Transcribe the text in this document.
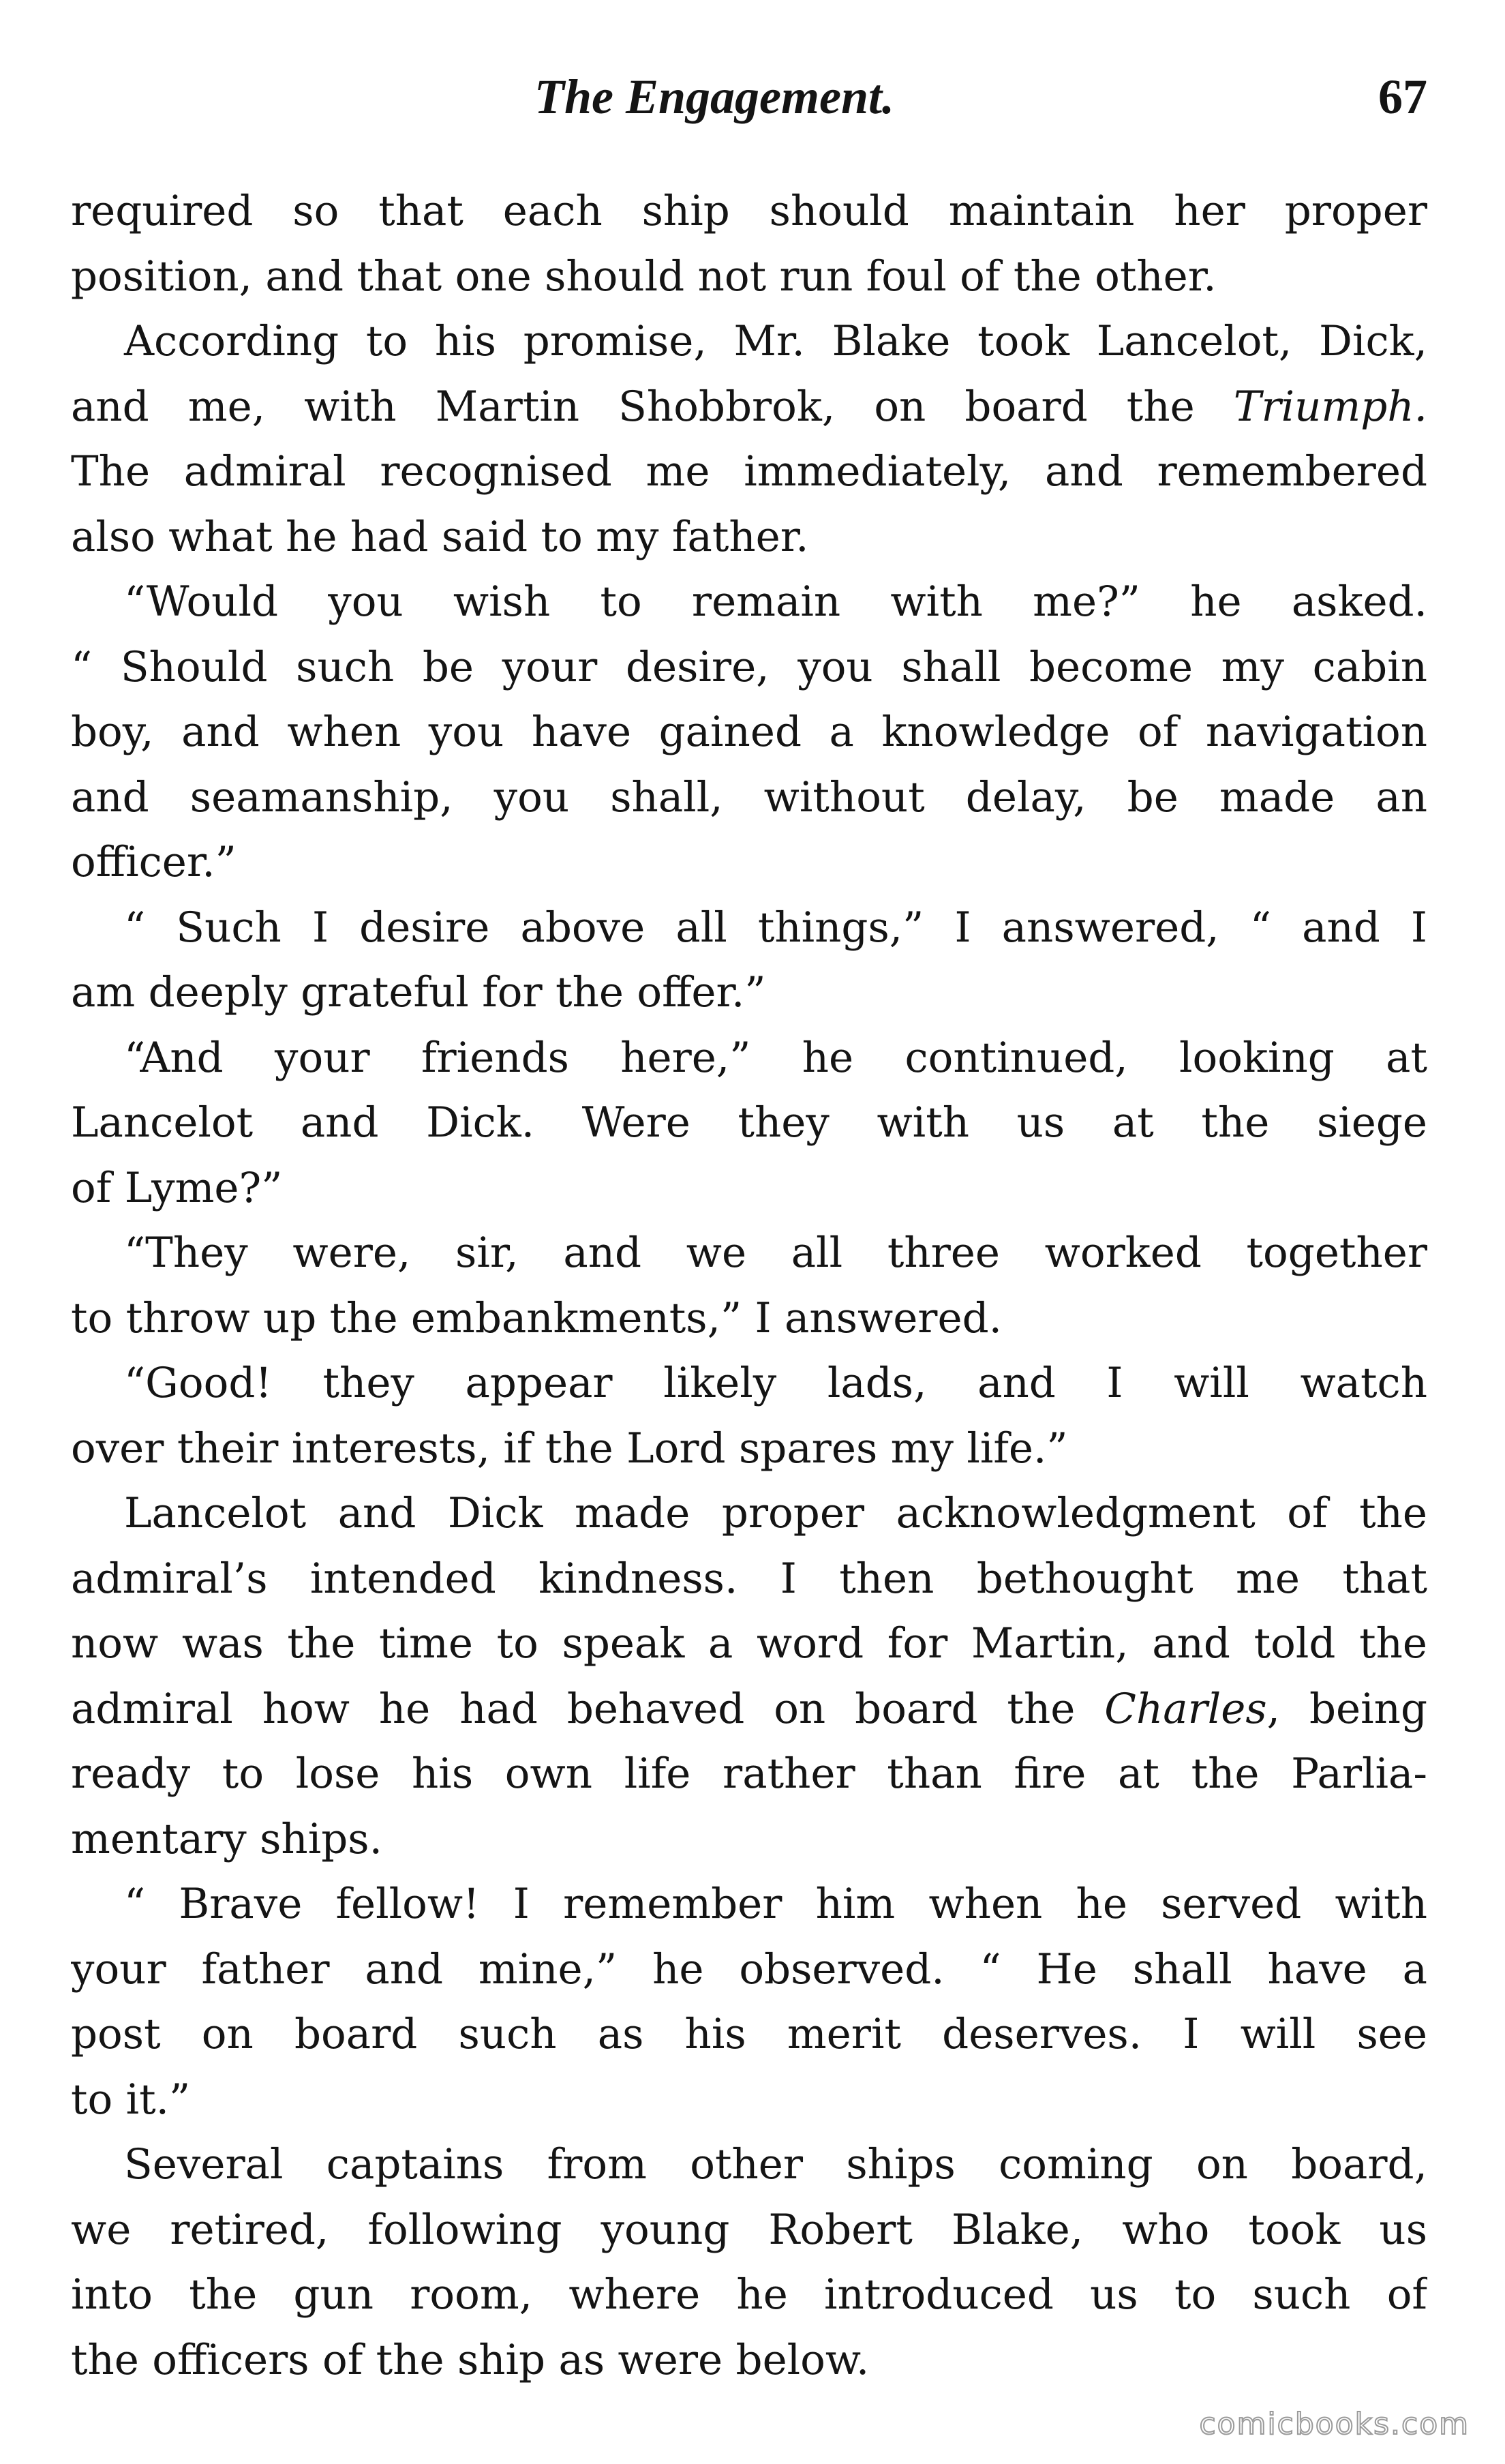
The Engagement.	67
required so that each ship should maintain her proper
position, and that one should not run foul of the other.
According to his promise, Mr. Blake took Lancelot, Dick,
and me, with Martin Shobbrok, on board the Triumph.
The admiral recognised me immediately, and remembered
also what he had said to my father.
“Would you wish to remain with me?” he asked.
“ Should such be your desire, you shall become my cabin
boy, and when you have gained a knowledge of navigation
and seamanship, you shall, without delay, be made an
officer.”
“ Such I desire above all things,” I answered, “ and I
am deeply grateful for the offer.”
“And your friends here,” he continued, looking at
Lancelot and Dick. Were they with us at the siege
of Lyme?”
“They were, sir, and we all three worked together
to throw up the embankments,” I answered.
“Good! they appear likely lads, and I will watch
over their interests, if the Lord spares my life.”
Lancelot and Dick made proper acknowledgment of the
admiral’s intended kindness. I then bethought me that
now was the time to speak a word for Martin, and told the
admiral how he had behaved on board the Charles, being
ready to lose his own life rather than fire at the Parlia-
mentary ships.
“ Brave fellow! I remember him when he served with
your father and mine,” he observed. “ He shall have a
post on board such as his merit deserves. I will see
to it.”
Several captains from other ships coming on board,
we retired, following young Robert Blake, who took us
into the gun room, where he introduced us to such of
the officers of the ship as were below.
comicbooks.com
